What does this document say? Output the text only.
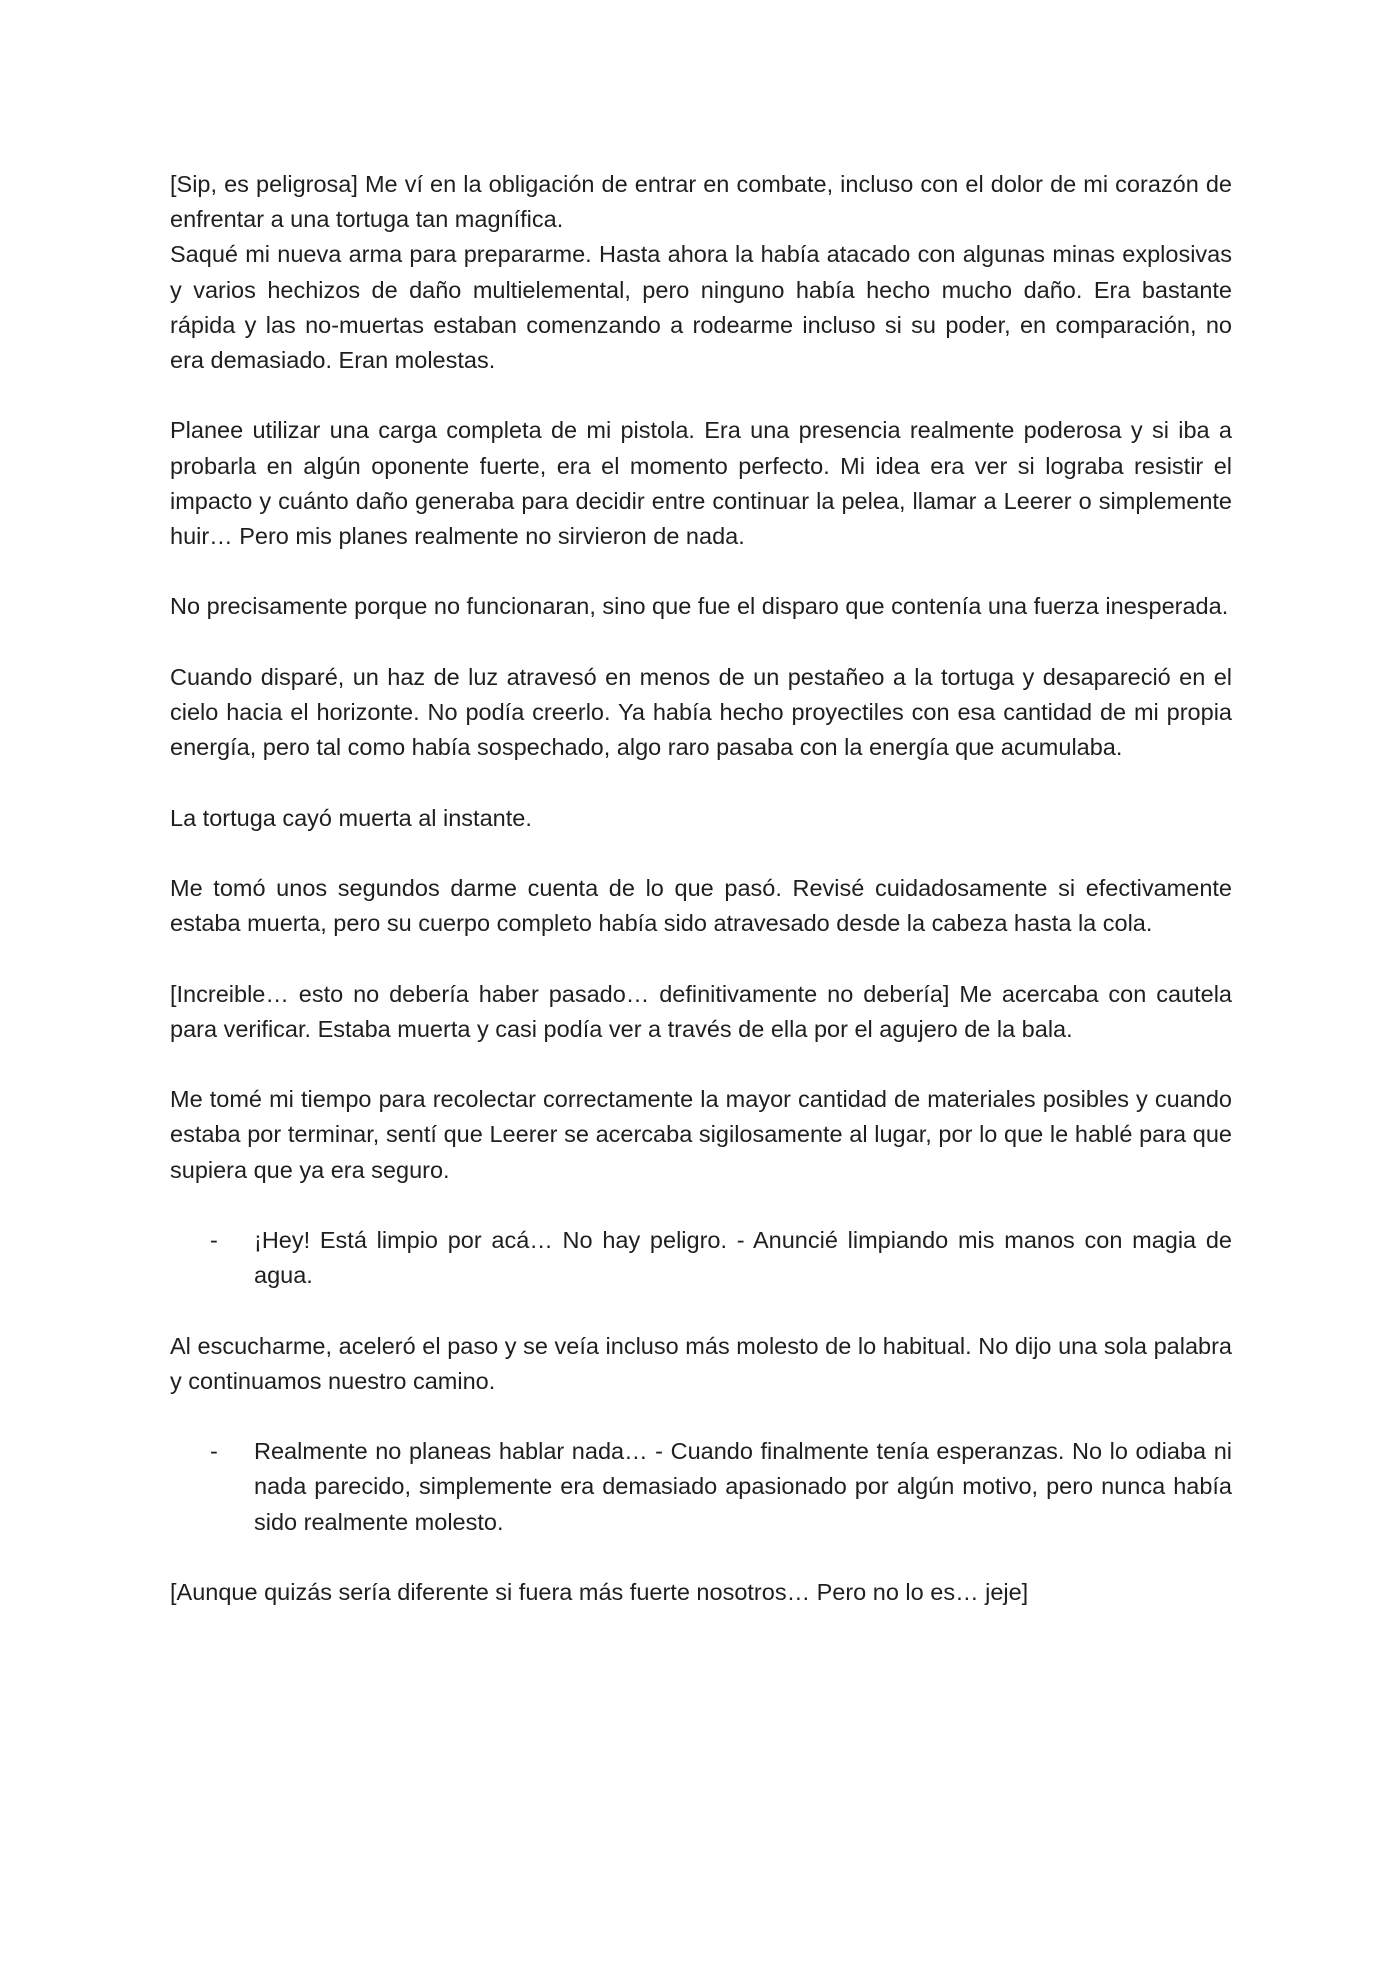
[Sip, es peligrosa] Me ví en la obligación de entrar en combate, incluso con el dolor de mi corazón de enfrentar a una tortuga tan magnífica.

Saqué mi nueva arma para prepararme. Hasta ahora la había atacado con algunas minas explosivas y varios hechizos de daño multielemental, pero ninguno había hecho mucho daño. Era bastante rápida y las no-muertas estaban comenzando a rodearme incluso si su poder, en comparación, no era demasiado. Eran molestas.

Planee utilizar una carga completa de mi pistola. Era una presencia realmente poderosa y si iba a probarla en algún oponente fuerte, era el momento perfecto. Mi idea era ver si lograba resistir el impacto y cuánto daño generaba para decidir entre continuar la pelea, llamar a Leerer o simplemente huir… Pero mis planes realmente no sirvieron de nada.

No precisamente porque no funcionaran, sino que fue el disparo que contenía una fuerza inesperada.

Cuando disparé, un haz de luz atravesó en menos de un pestañeo a la tortuga y desapareció en el cielo hacia el horizonte. No podía creerlo. Ya había hecho proyectiles con esa cantidad de mi propia energía, pero tal como había sospechado, algo raro pasaba con la energía que acumulaba.

La tortuga cayó muerta al instante.

Me tomó unos segundos darme cuenta de lo que pasó. Revisé cuidadosamente si efectivamente estaba muerta, pero su cuerpo completo había sido atravesado desde la cabeza hasta la cola.

[Increible… esto no debería haber pasado… definitivamente no debería] Me acercaba con cautela para verificar. Estaba muerta y casi podía ver a través de ella por el agujero de la bala.

Me tomé mi tiempo para recolectar correctamente la mayor cantidad de materiales posibles y cuando estaba por terminar, sentí que Leerer se acercaba sigilosamente al lugar, por lo que le hablé para que supiera que ya era seguro.

- ¡Hey! Está limpio por acá… No hay peligro. - Anuncié limpiando mis manos con magia de agua.

Al escucharme, aceleró el paso y se veía incluso más molesto de lo habitual. No dijo una sola palabra y continuamos nuestro camino.

- Realmente no planeas hablar nada… - Cuando finalmente tenía esperanzas. No lo odiaba ni nada parecido, simplemente era demasiado apasionado por algún motivo, pero nunca había sido realmente molesto.

[Aunque quizás sería diferente si fuera más fuerte nosotros… Pero no lo es… jeje]
